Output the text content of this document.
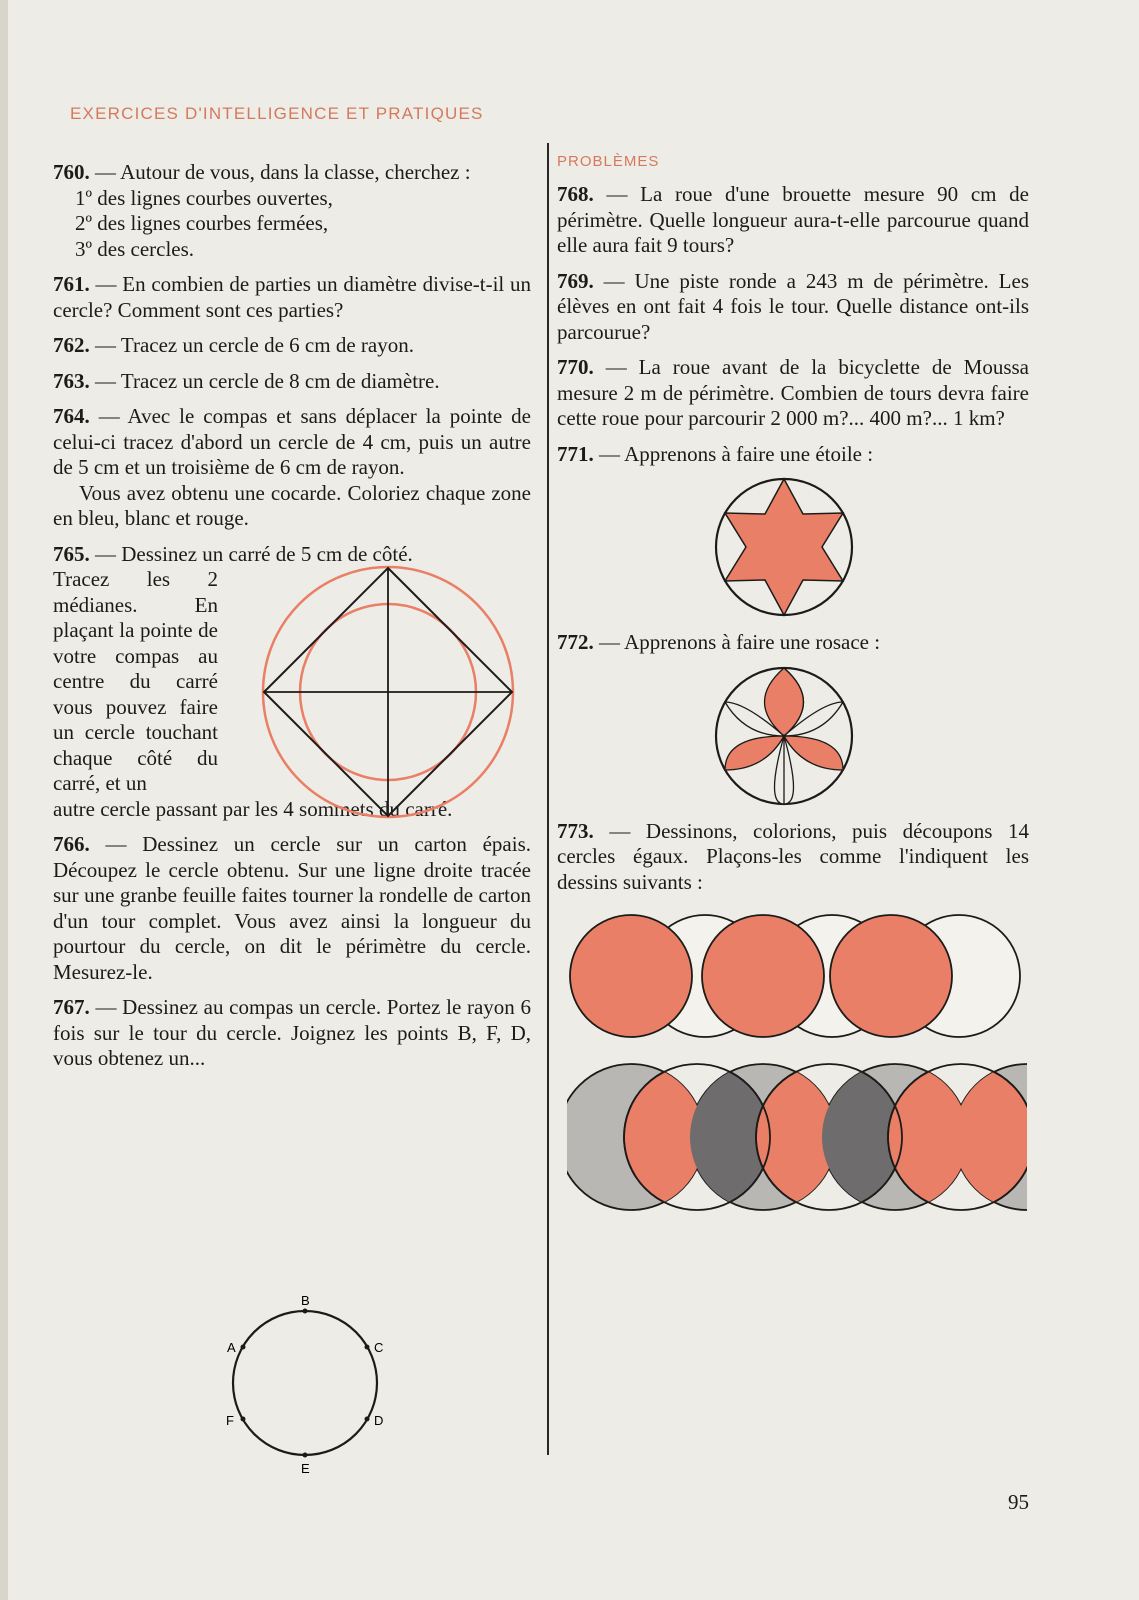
EXERCICES D'INTELLIGENCE ET PRATIQUES
760. — Autour de vous, dans la classe, cherchez :
1º des lignes courbes ouvertes,
2º des lignes courbes fermées,
3º des cercles.
761. — En combien de parties un diamètre divise-t-il un cercle? Comment sont ces parties?
762. — Tracez un cercle de 6 cm de rayon.
763. — Tracez un cercle de 8 cm de diamètre.
764. — Avec le compas et sans déplacer la pointe de celui-ci tracez d'abord un cercle de 4 cm, puis un autre de 5 cm et un troisième de 6 cm de rayon.

Vous avez obtenu une cocarde. Coloriez chaque zone en bleu, blanc et rouge.

765. — Dessinez un carré de 5 cm de côté.
Tracez les 2 médianes. En plaçant la pointe de votre compas au centre du carré vous pouvez faire un cercle touchant chaque côté du carré, et un
autre cercle passant par les 4 sommets du carré.
766. — Dessinez un cercle sur un carton épais. Découpez le cercle obtenu. Sur une ligne droite tracée sur une granbe feuille faites tourner la rondelle de carton d'un tour complet. Vous avez ainsi la longueur du pourtour du cercle, on dit le périmètre du cercle. Mesurez-le.
767. — Dessinez au compas un cercle. Portez le rayon 6 fois sur le tour du cercle. Joignez les points B, F, D, vous obtenez un...
B
C
D
E
F
A
PROBLÈMES
768. — La roue d'une brouette mesure 90 cm de périmètre. Quelle longueur aura-t-elle parcourue quand elle aura fait 9 tours?
769. — Une piste ronde a 243 m de périmètre. Les élèves en ont fait 4 fois le tour. Quelle distance ont-ils parcourue?
770. — La roue avant de la bicyclette de Moussa mesure 2 m de périmètre. Combien de tours devra faire cette roue pour parcourir 2 000 m?... 400 m?... 1 km?
771. — Apprenons à faire une étoile :
772. — Apprenons à faire une rosace :
773. — Dessinons, colorions, puis découpons 14 cercles égaux. Plaçons-les comme l'indiquent les dessins suivants :
95
